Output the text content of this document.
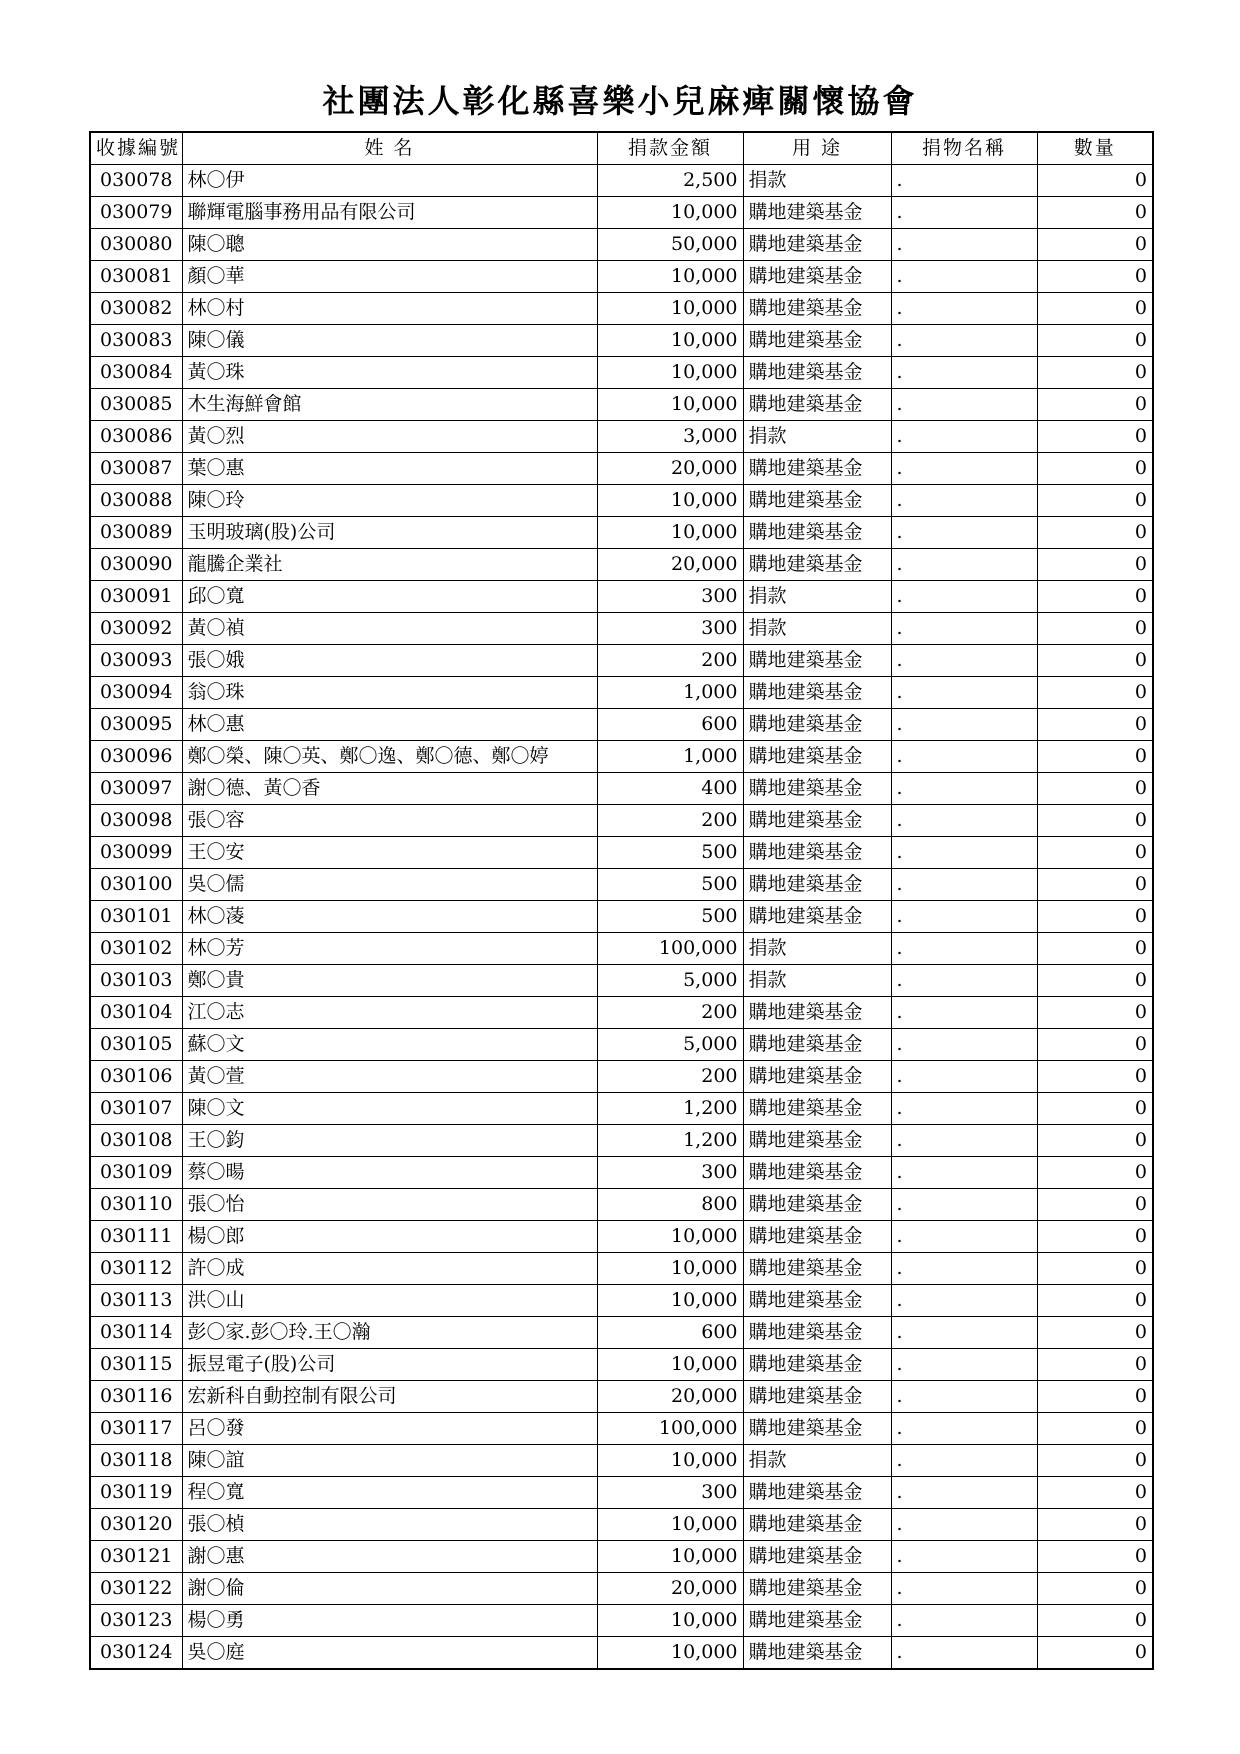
社團法人彰化縣喜樂小兒麻痺關懷協會
收據編號	姓 名	捐款金額	用 途	捐物名稱	數量
030078	林〇伊	2,500	捐款	.	0
030079	聯輝電腦事務用品有限公司	10,000	購地建築基金	.	0
030080	陳〇聰	50,000	購地建築基金	.	0
030081	顏〇華	10,000	購地建築基金	.	0
030082	林〇村	10,000	購地建築基金	.	0
030083	陳〇儀	10,000	購地建築基金	.	0
030084	黃〇珠	10,000	購地建築基金	.	0
030085	木生海鮮會館	10,000	購地建築基金	.	0
030086	黃〇烈	3,000	捐款	.	0
030087	葉〇惠	20,000	購地建築基金	.	0
030088	陳〇玲	10,000	購地建築基金	.	0
030089	玉明玻璃(股)公司	10,000	購地建築基金	.	0
030090	龍騰企業社	20,000	購地建築基金	.	0
030091	邱〇寬	300	捐款	.	0
030092	黃〇禎	300	捐款	.	0
030093	張〇娥	200	購地建築基金	.	0
030094	翁〇珠	1,000	購地建築基金	.	0
030095	林〇惠	600	購地建築基金	.	0
030096	鄭〇榮、陳〇英、鄭〇逸、鄭〇德、鄭〇婷	1,000	購地建築基金	.	0
030097	謝〇德、黃〇香	400	購地建築基金	.	0
030098	張〇容	200	購地建築基金	.	0
030099	王〇安	500	購地建築基金	.	0
030100	吳〇儒	500	購地建築基金	.	0
030101	林〇蓤	500	購地建築基金	.	0
030102	林〇芳	100,000	捐款	.	0
030103	鄭〇貴	5,000	捐款	.	0
030104	江〇志	200	購地建築基金	.	0
030105	蘇〇文	5,000	購地建築基金	.	0
030106	黃〇萱	200	購地建築基金	.	0
030107	陳〇文	1,200	購地建築基金	.	0
030108	王〇鈞	1,200	購地建築基金	.	0
030109	蔡〇暘	300	購地建築基金	.	0
030110	張〇怡	800	購地建築基金	.	0
030111	楊〇郎	10,000	購地建築基金	.	0
030112	許〇成	10,000	購地建築基金	.	0
030113	洪〇山	10,000	購地建築基金	.	0
030114	彭〇家.彭〇玲.王〇瀚	600	購地建築基金	.	0
030115	振昱電子(股)公司	10,000	購地建築基金	.	0
030116	宏新科自動控制有限公司	20,000	購地建築基金	.	0
030117	呂〇發	100,000	購地建築基金	.	0
030118	陳〇誼	10,000	捐款	.	0
030119	程〇寬	300	購地建築基金	.	0
030120	張〇楨	10,000	購地建築基金	.	0
030121	謝〇惠	10,000	購地建築基金	.	0
030122	謝〇倫	20,000	購地建築基金	.	0
030123	楊〇勇	10,000	購地建築基金	.	0
030124	吳〇庭	10,000	購地建築基金	.	0
